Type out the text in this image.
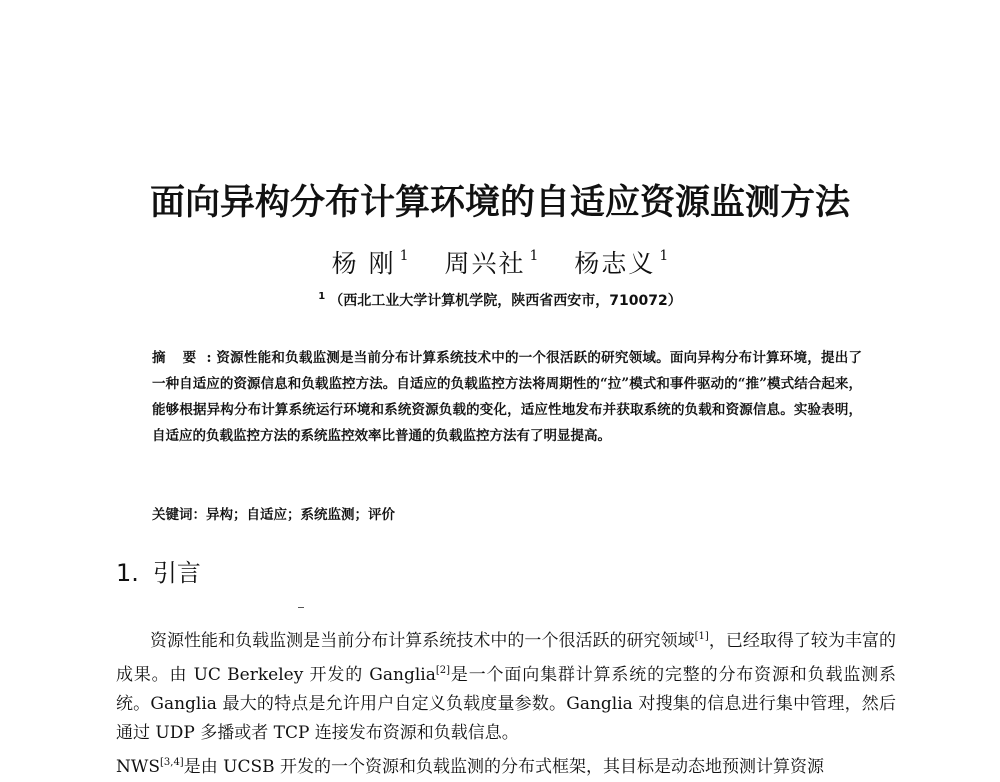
面向异构分布计算环境的自适应资源监测方法
杨 刚 $^1$ 周兴社 $^1$ 杨志义 $^1$
$^1$ （西北工业大学计算机学院，陕西省西安市，710072）
摘 要 : 资源性能和负载监测是当前分布计算系统技术中的一个很活跃的研究领域。面向异构分布计算环境，提出了一种自适应的资源信息和负载监控方法。自适应的负载监控方法将周期性的“拉”模式和事件驱动的“推”模式结合起来，能够根据异构分布计算系统运行环境和系统资源负载的变化，适应性地发布并获取系统的负载和资源信息。实验表明，自适应的负载监控方法的系统监控效率比普通的负载监控方法有了明显提高。
关键词：异构；自适应；系统监测；评价
1. 引言

资源性能和负载监测是当前分布计算系统技术中的一个很活跃的研究领域[1]，已经取得了较为丰富的成果。由 UC Berkeley 开发的 Ganglia[2]是一个面向集群计算系统的完整的分布资源和负载监测系统。Ganglia 最大的特点是允许用户自定义负载度量参数。Ganglia 对搜集的信息进行集中管理，然后通过 UDP 多播或者 TCP 连接发布资源和负载信息。

NWS[3,4]是由 UCSB 开发的一个资源和负载监测的分布式框架，其目标是动态地预测计算资源
